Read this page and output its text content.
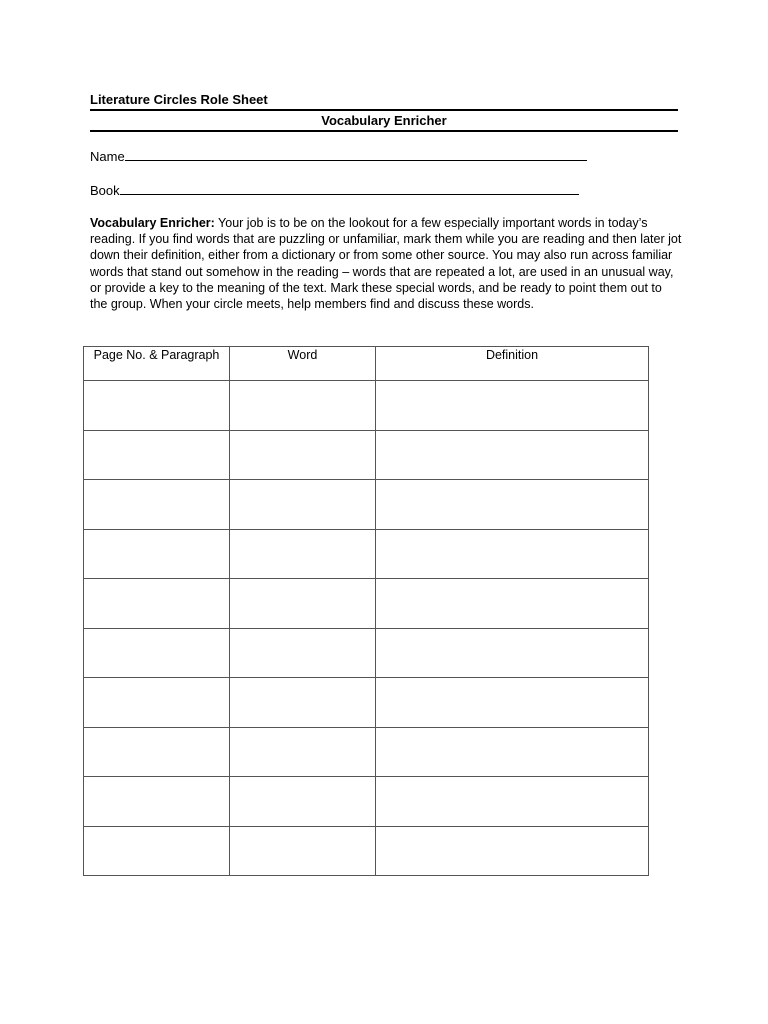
Literature Circles Role Sheet
Vocabulary Enricher
Name
Book
Vocabulary Enricher: Your job is to be on the lookout for a few especially important words in today’s reading. If you find words that are puzzling or unfamiliar, mark them while you are reading and then later jot down their definition, either from a dictionary or from some other source. You may also run across familiar words that stand out somehow in the reading – words that are repeated a lot, are used in an unusual way, or provide a key to the meaning of the text. Mark these special words, and be ready to point them out to the group. When your circle meets, help members find and discuss these words.
Page No. & Paragraph	Word	Definition
